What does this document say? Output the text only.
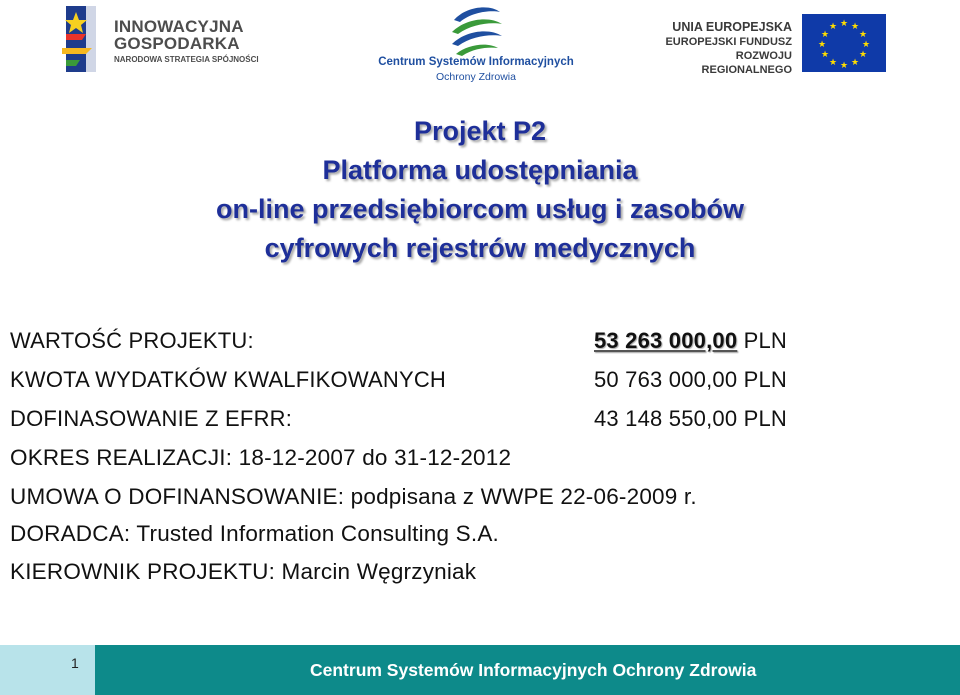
INNOWACYJNA
GOSPODARKA
NARODOWA STRATEGIA SPÓJNOŚCI	Centrum Systemów Informacyjnych
Ochrony Zdrowia
UNIA EUROPEJSKA
EUROPEJSKI FUNDUSZ
ROZWOJU REGIONALNEGO
★ ★
★
★
★
★
★
★
★
★
★
★
Projekt P2
Platforma udostępniania
on-line przedsiębiorcom usług i zasobów
cyfrowych rejestrów medycznych
WARTOŚĆ PROJEKTU:	53 263 000,00 PLN
KWOTA WYDATKÓW KWALFIKOWANYCH	50 763 000,00 PLN
DOFINASOWANIE Z EFRR:	43 148 550,00 PLN
OKRES REALIZACJI: 18-12-2007 do 31-12-2012
UMOWA O DOFINANSOWANIE: podpisana z WWPE 22-06-2009 r.
DORADCA: Trusted Information Consulting S.A.
KIEROWNIK PROJEKTU: Marcin Węgrzyniak
1	Centrum Systemów Informacyjnych Ochrony Zdrowia
